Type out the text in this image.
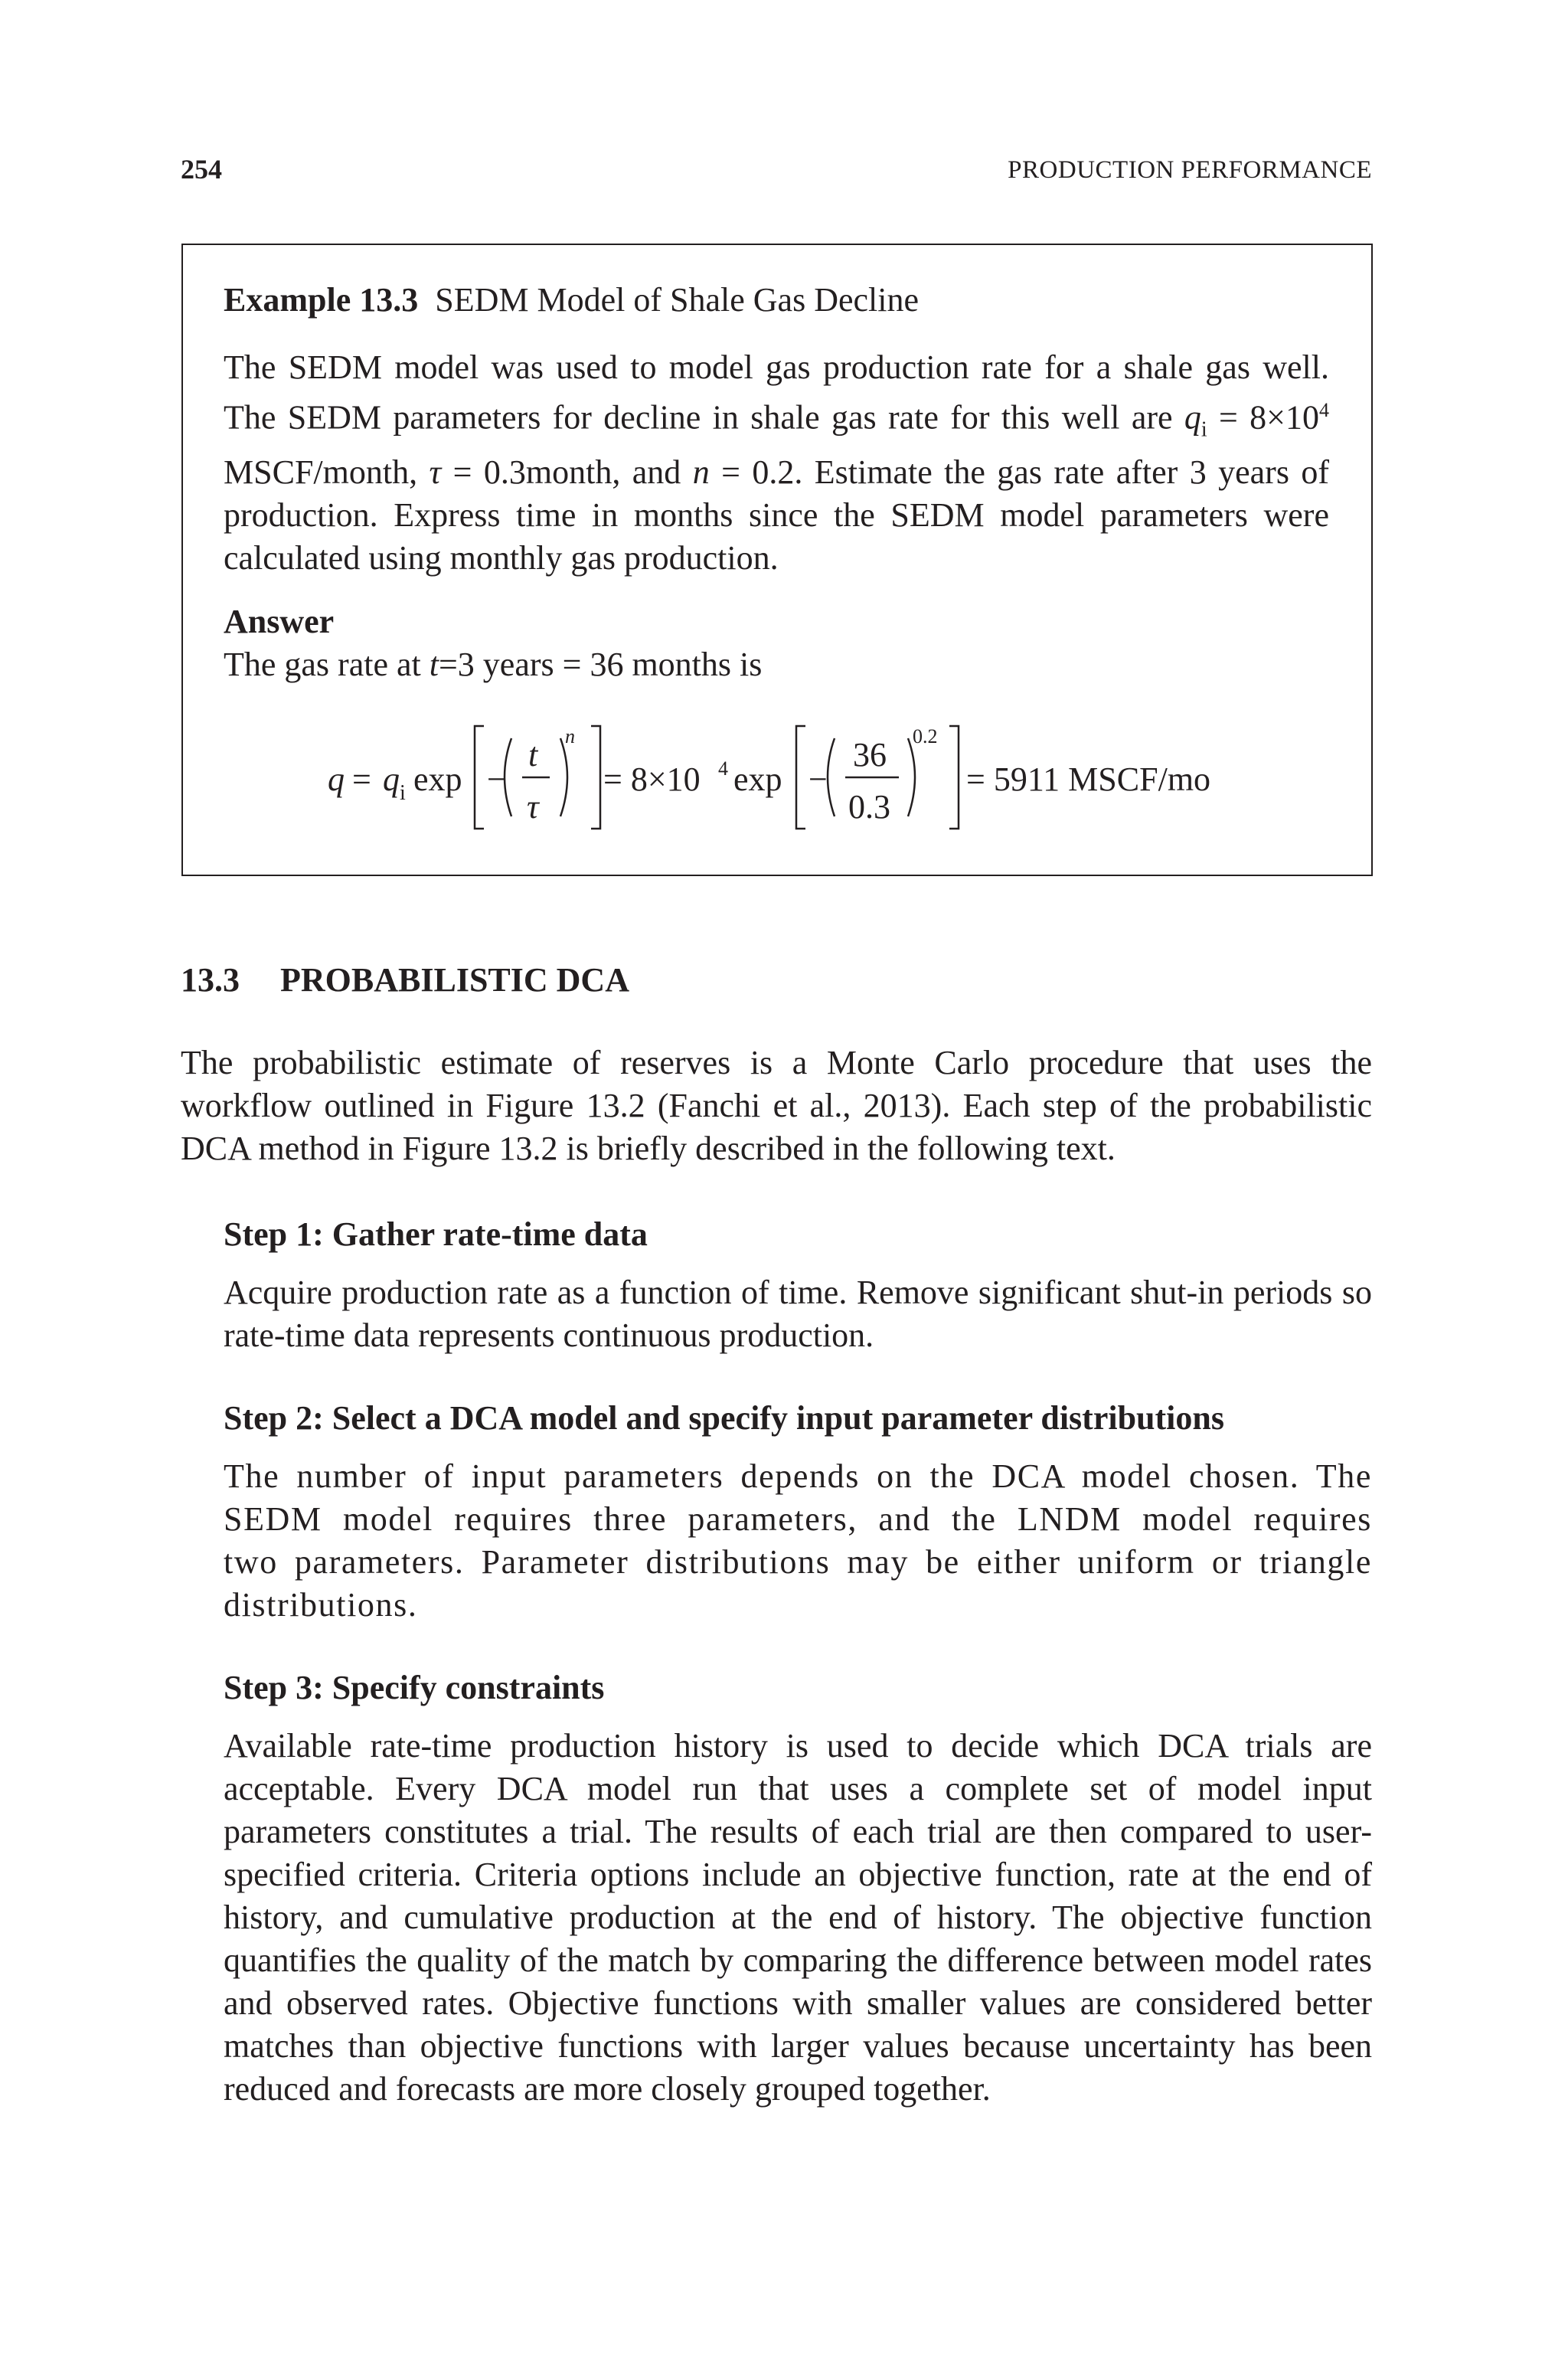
254	PRODUCTION PERFORMANCE
Example 13.3 SEDM Model of Shale Gas Decline
The SEDM model was used to model gas production rate for a shale gas well. The SEDM parameters for decline in shale gas rate for this well are $q_i = 8\times 10^4$ MSCF/month, τ = 0.3month, and n = 0.2. Estimate the gas rate after 3 years of production. Express time in months since the SEDM model parameters were calculated using monthly gas production.
Answer
The gas rate at t=3 years = 36 months is
q = q i exp −
t
τ
n
= 8×10 4 exp −
36
0.3
0.2
= 5911 MSCF/mo
13.3 PROBABILISTIC DCA
The probabilistic estimate of reserves is a Monte Carlo procedure that uses the workflow outlined in Figure 13.2 (Fanchi et al., 2013). Each step of the probabilistic DCA method in Figure 13.2 is briefly described in the following text.
Step 1: Gather rate-time data
Acquire production rate as a function of time. Remove significant shut-in periods so rate-time data represents continuous production.
Step 2: Select a DCA model and specify input parameter distributions
The number of input parameters depends on the DCA model chosen. The SEDM model requires three parameters, and the LNDM model requires two parameters. Parameter distributions may be either uniform or triangle distributions.
Step 3: Specify constraints
Available rate-time production history is used to decide which DCA trials are acceptable. Every DCA model run that uses a complete set of model input parameters constitutes a trial. The results of each trial are then compared to user-specified criteria. Criteria options include an objective function, rate at the end of history, and cumulative production at the end of history. The objective function quantifies the quality of the match by comparing the difference between model rates and observed rates. Objective functions with smaller values are considered better matches than objective functions with larger values because uncertainty has been reduced and forecasts are more closely grouped together.
